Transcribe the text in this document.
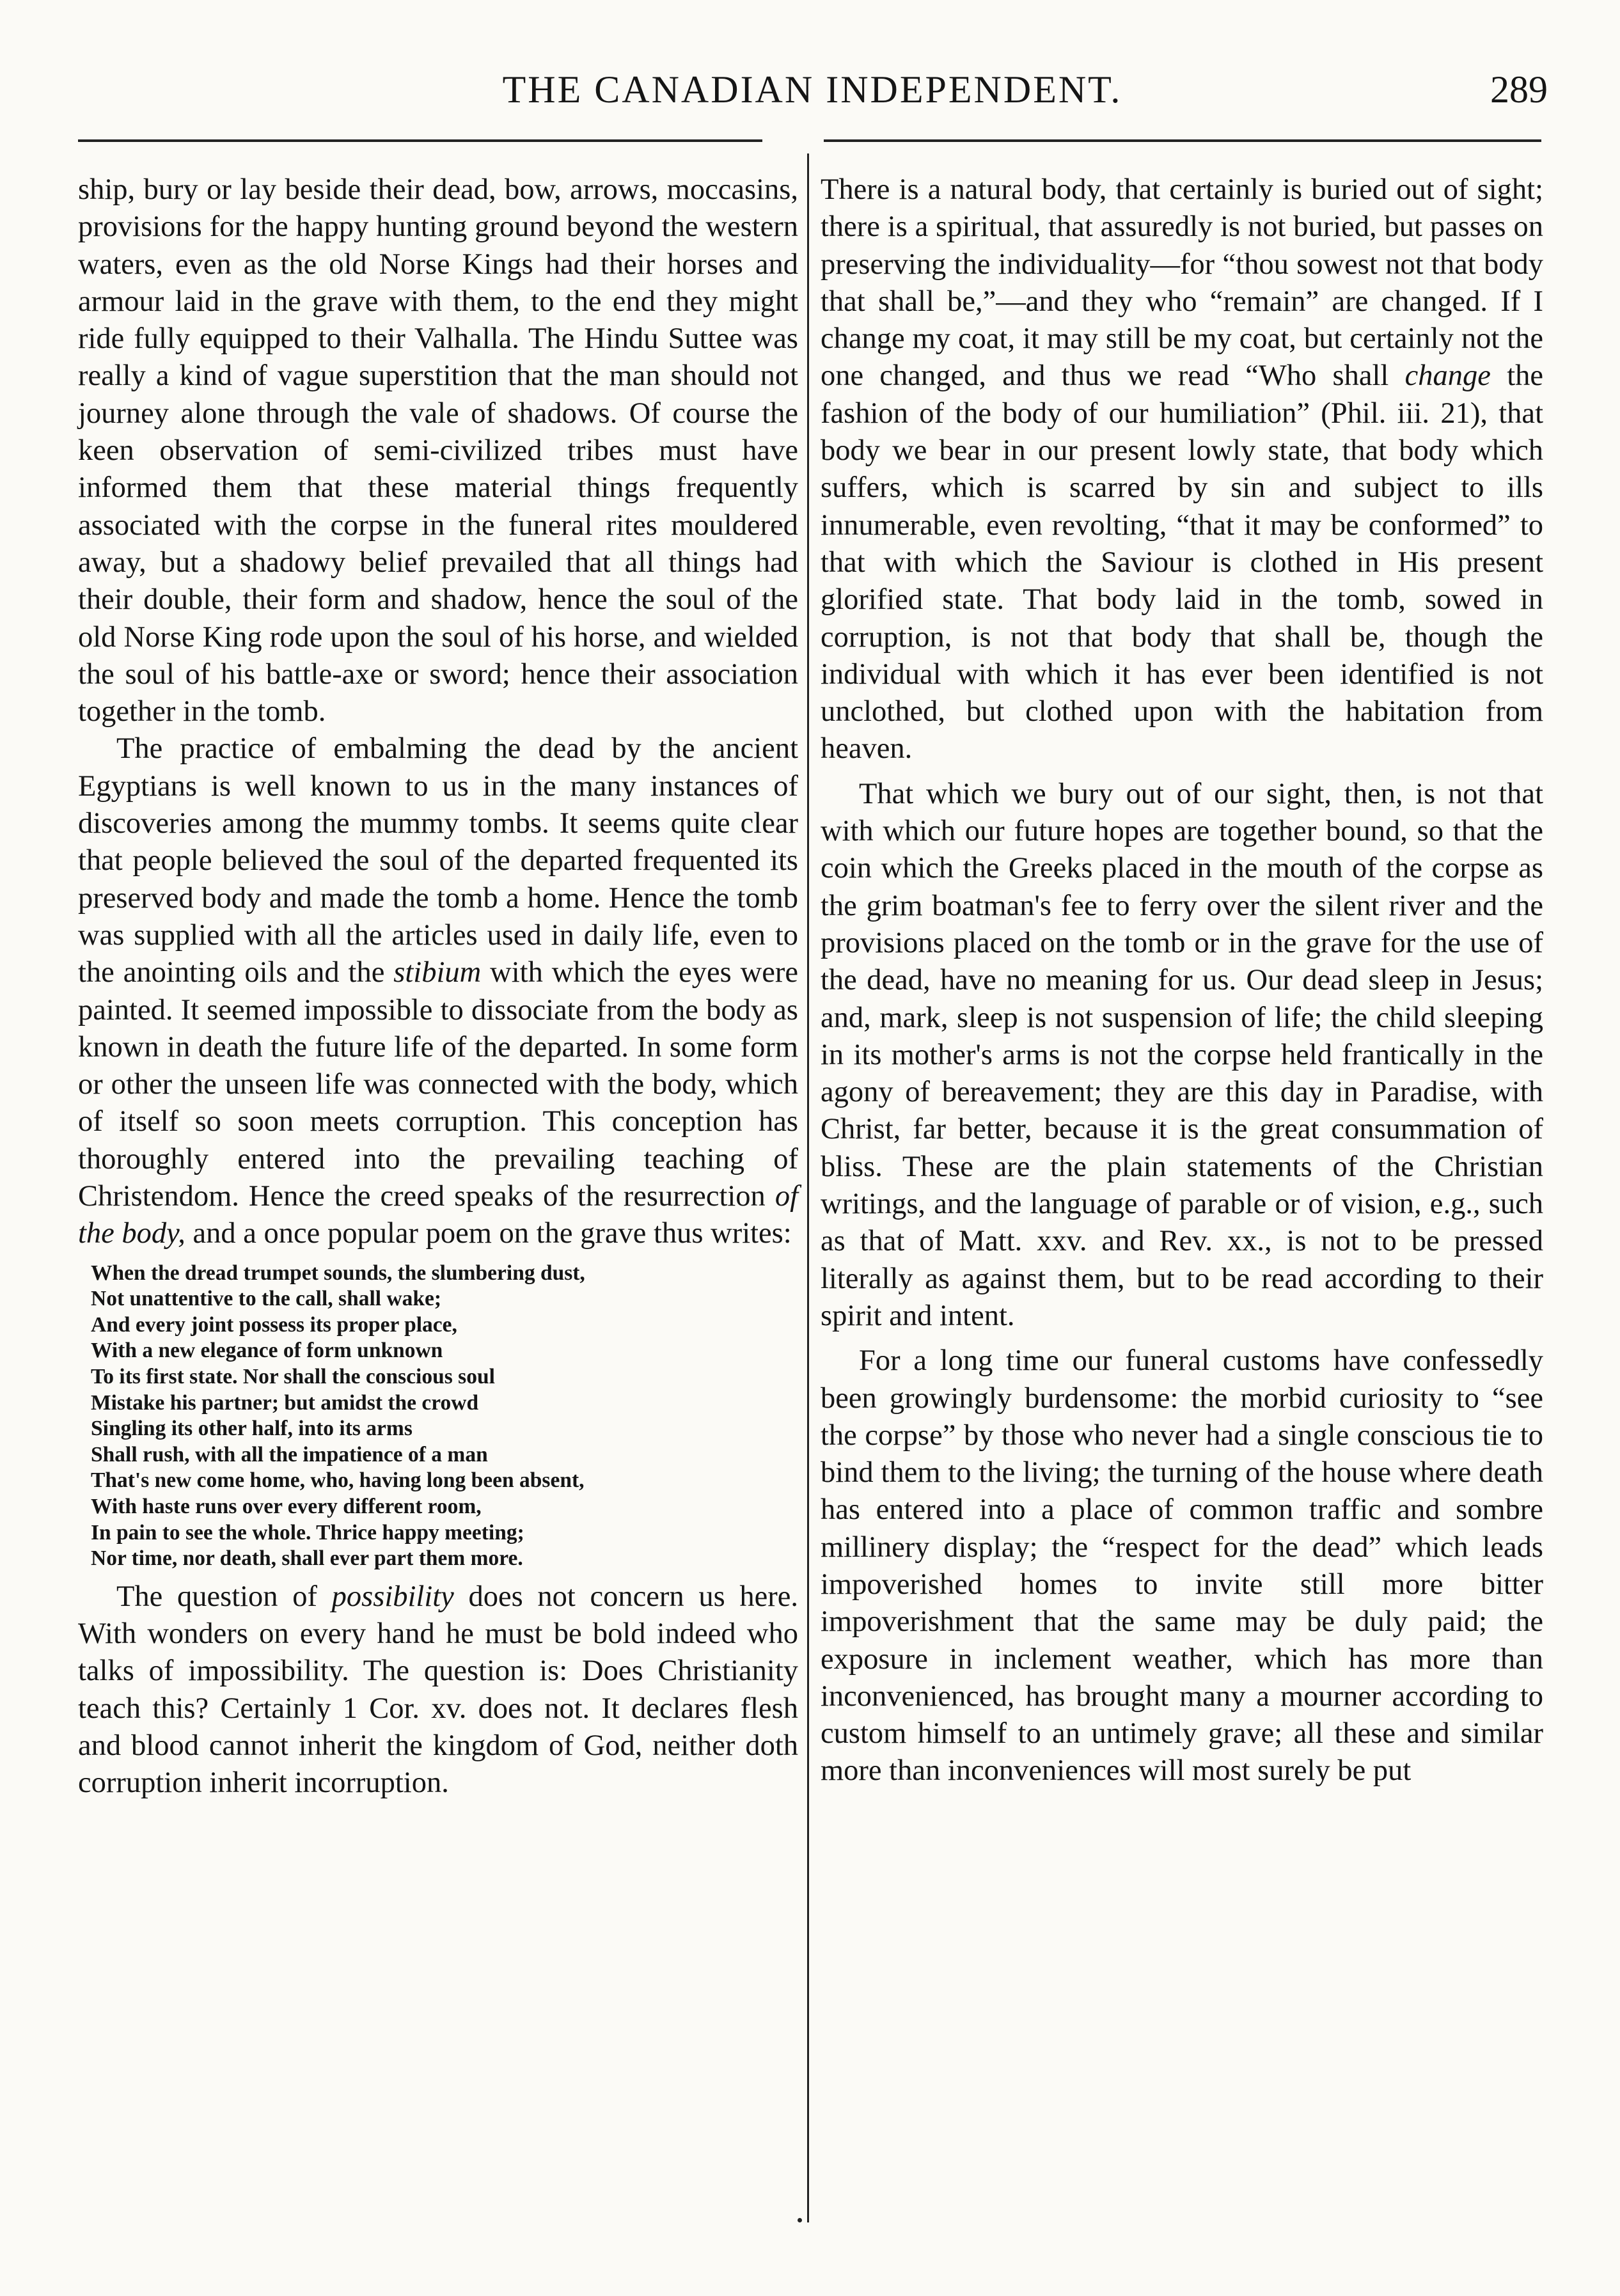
THE CANADIAN INDEPENDENT.	289

ship, bury or lay beside their dead, bow, arrows, moccasins, provisions for the happy hunting ground beyond the western waters, even as the old Norse Kings had their horses and armour laid in the grave with them, to the end they might ride fully equipped to their Valhalla. The Hindu Suttee was really a kind of vague superstition that the man should not journey alone through the vale of shadows. Of course the keen observation of semi-civilized tribes must have informed them that these material things frequently associated with the corpse in the funeral rites mouldered away, but a shadowy belief prevailed that all things had their double, their form and shadow, hence the soul of the old Norse King rode upon the soul of his horse, and wielded the soul of his battle-axe or sword; hence their association together in the tomb.

The practice of embalming the dead by the ancient Egyptians is well known to us in the many instances of discoveries among the mummy tombs. It seems quite clear that people believed the soul of the departed frequented its preserved body and made the tomb a home. Hence the tomb was supplied with all the articles used in daily life, even to the anointing oils and the stibium with which the eyes were painted. It seemed impossible to dissociate from the body as known in death the future life of the departed. In some form or other the unseen life was connected with the body, which of itself so soon meets corruption. This conception has thoroughly entered into the prevailing teaching of Christendom. Hence the creed speaks of the resurrection of the body, and a once popular poem on the grave thus writes:

When the dread trumpet sounds, the slumbering dust,
Not unattentive to the call, shall wake;
And every joint possess its proper place,
With a new elegance of form unknown
To its first state. Nor shall the conscious soul
Mistake his partner; but amidst the crowd
Singling its other half, into its arms
Shall rush, with all the impatience of a man
That's new come home, who, having long been absent,
With haste runs over every different room,
In pain to see the whole. Thrice happy meeting;
Nor time, nor death, shall ever part them more.

The question of possibility does not concern us here. With wonders on every hand he must be bold indeed who talks of impossibility. The question is: Does Christianity teach this? Certainly 1 Cor. xv. does not. It declares flesh and blood cannot inherit the kingdom of God, neither doth corruption inherit incorruption.

There is a natural body, that certainly is buried out of sight; there is a spiritual, that assuredly is not buried, but passes on preserving the individuality—for “thou sowest not that body that shall be,”—and they who “remain” are changed. If I change my coat, it may still be my coat, but certainly not the one changed, and thus we read “Who shall change the fashion of the body of our humiliation” (Phil. iii. 21), that body we bear in our present lowly state, that body which suffers, which is scarred by sin and subject to ills innumerable, even revolting, “that it may be conformed” to that with which the Saviour is clothed in His present glorified state. That body laid in the tomb, sowed in corruption, is not that body that shall be, though the individual with which it has ever been identified is not unclothed, but clothed upon with the habitation from heaven.

That which we bury out of our sight, then, is not that with which our future hopes are together bound, so that the coin which the Greeks placed in the mouth of the corpse as the grim boatman's fee to ferry over the silent river and the provisions placed on the tomb or in the grave for the use of the dead, have no meaning for us. Our dead sleep in Jesus; and, mark, sleep is not suspension of life; the child sleeping in its mother's arms is not the corpse held frantically in the agony of bereavement; they are this day in Paradise, with Christ, far better, because it is the great consummation of bliss. These are the plain statements of the Christian writings, and the language of parable or of vision, e.g., such as that of Matt. xxv. and Rev. xx., is not to be pressed literally as against them, but to be read according to their spirit and intent.

For a long time our funeral customs have confessedly been growingly burdensome: the morbid curiosity to “see the corpse” by those who never had a single conscious tie to bind them to the living; the turning of the house where death has entered into a place of common traffic and sombre millinery display; the “respect for the dead” which leads impoverished homes to invite still more bitter impoverishment that the same may be duly paid; the exposure in inclement weather, which has more than inconvenienced, has brought many a mourner according to custom himself to an untimely grave; all these and similar more than inconveniences will most surely be put
